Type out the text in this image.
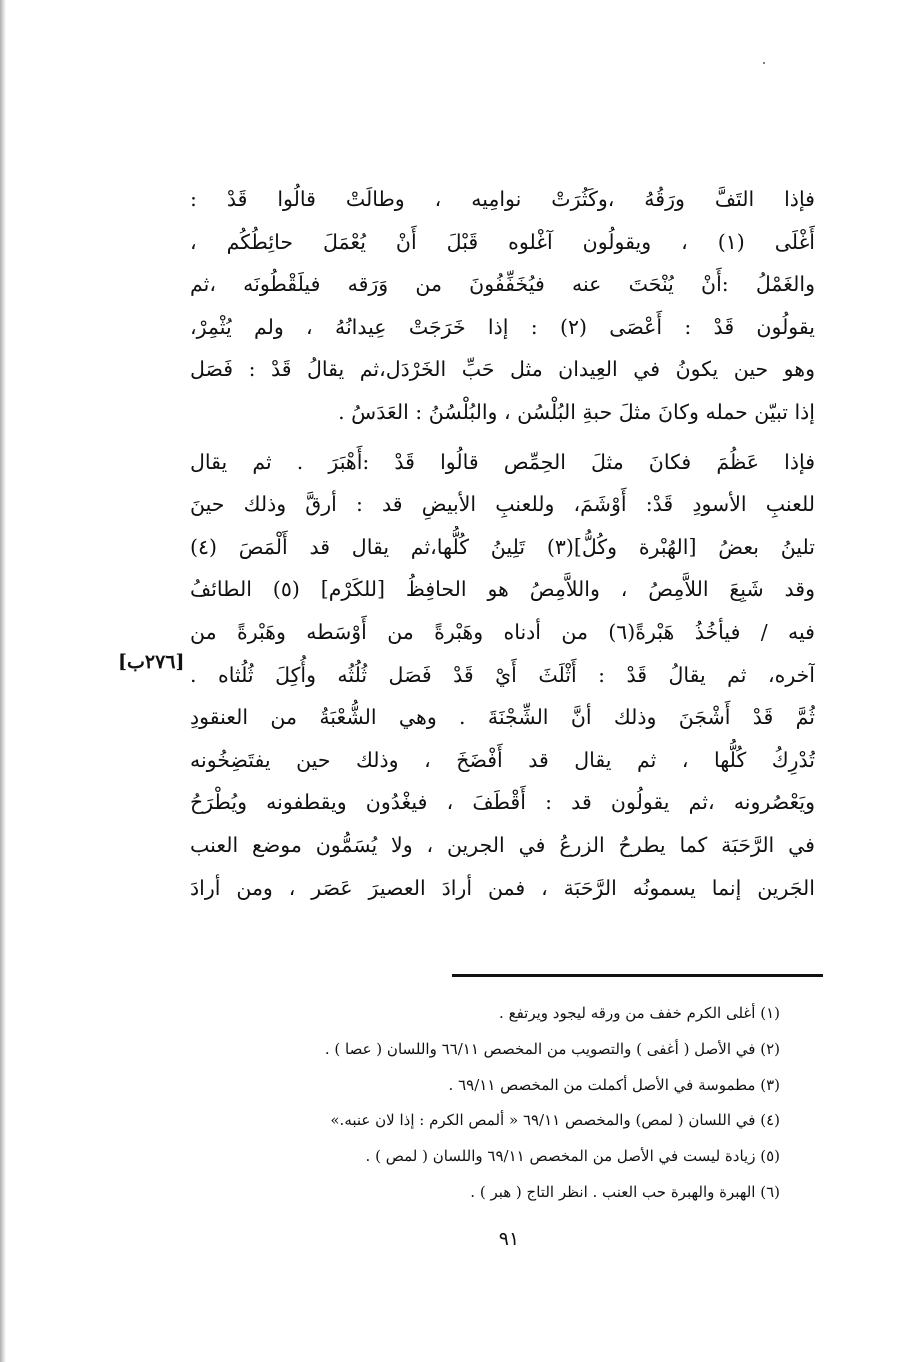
فإذا التَفَّ ورَقُهُ ،وكَثُرَتْ نوامِيه ، وطالَتْ قالُوا قَدْ :
أَغْلَى (١) ، ويقولُون آغْلوه قَبْلَ أَنْ يُعْمَلَ حائِطُكُم ،
والغَمْلُ :أَنْ يُنْحَتَ عنه فيُخَفِّفُونَ من وَرَقه فيلَقْطُونَه ،ثم
يقولُون قَدْ : أَعْصَى (٢) : إذا خَرَجَتْ عِيدانُهُ ، ولم يُثْمِرْ،
وهو حين يكونُ في العِيدان مثل حَبِّ الخَرْدَل،ثم يقالُ قَدْ : فَصَل
إذا تبيّن حمله وكانَ مثلَ حبةِ البُلْسُن ، والبُلْسُنُ : العَدَسُ .
فإذا عَظُمَ فكانَ مثلَ الحِمِّص قالُوا قَدْ :أَهْبَرَ . ثم يقال
للعنبِ الأسودِ قَدْ: أَوْشَمَ، وللعنبِ الأبيضِ قد : أرقَّ وذلك حينَ
تلينُ بعضُ [الهُبْرة وكُلُّ](٣) تَلِينُ كُلُّها،ثم يقال قد أَلْمَصَ (٤)
وقد شَبِعَ اللاَّمِصُ ، واللاَّمِصُ هو الحافِظُ [للكَرْم] (٥) الطائفُ
فيه / فيأخُذُ هَبْرةً(٦) من أدناه وهَبْرةً من أَوْسَطه وهَبْرةً من
آخره، ثم يقالُ قَدْ : أَثْلَثَ أَيْ قَدْ فَصَل ثُلُثُه وأُكِلَ ثُلُثاه .
ثُمَّ قَدْ أَشْجَنَ وذلك أنَّ الشِّجْنَةَ . وهي الشُّعْبَةُ من العنقودِ
تُدْرِكُ كُلُّها ، ثم يقال قد أَفْضَخَ ، وذلك حين يفتَضِخُونه
ويَعْصُرونه ،ثم يقولُون قد : أَقْطَفَ ، فيغْدُون ويقطفونه ويُطْرَحُ
في الرَّحَبَة كما يطرحُ الزرعُ في الجرين ، ولا يُسَمُّون موضع العنب
الجَرين إنما يسمونُه الرَّحَبَة ، فمن أرادَ العصيرَ عَصَر ، ومن أرادَ
[٢٧٦ب]
(١) أغلى الكرم خفف من ورقه ليجود ويرتفع .
(٢) في الأصل ( أغفى ) والتصويب من المخصص ٦٦/١١ واللسان ( عصا ) .
(٣) مطموسة في الأصل أكملت من المخصص ٦٩/١١ .
(٤) في اللسان ( لمص) والمخصص ٦٩/١١ « ألمص الكرم : إذا لان عنبه.»
(٥) زيادة ليست في الأصل من المخصص ٦٩/١١ واللسان ( لمص ) .
(٦) الهبرة والهبرة حب العنب . انظر التاج ( هبر ) .
٩١
